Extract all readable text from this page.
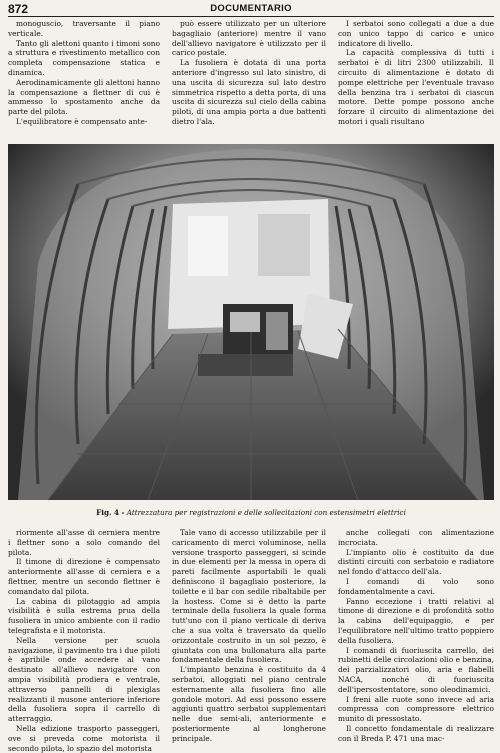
872	DOCUMENTARIO

monoguscio, traversante il piano verticale.

Tanto gli alettoni quanto i timoni sono a struttura e rivestimento metallico con completa compensazione statica e dinamica.

Aerodinamicamente gli alettoni hanno la compensazione a flettner di cui è ammesso lo spostamento anche da parte del pilota.

L'equilibratore è compensato ante-

può essere utilizzato per un ulteriore bagagliaio (anteriore) mentre il vano dell'allievo navigatore è utilizzato per il carico postale.

La fusoliera è dotata di una porta anteriore d'ingresso sul lato sinistro, di una uscita di sicurezza sul lato destro simmetrica rispetto a detta porta, di una uscita di sicurezza sul cielo della cabina piloti, di una ampia porta a due battenti dietro l'ala.

I serbatoi sono collegati a due a due con unico tappo di carico e unico indicatore di livello.

La capacità complessiva di tutti i serbatoi è di litri 2300 utilizzabili. Il circuito di alimentazione è dotato di pompe elettriche per l'eventuale travaso della benzina tra i serbatoi di ciascun motore. Dette pompe possono anche forzare il circuito di alimentazione dei motori i quali risultano

Fig. 4 - Attrezzatura per registrazioni e delle sollecitazioni con estensimetri elettrici

riormente all'asse di cerniera mentre i flettner sono a solo comando del pilota.

Il timone di direzione è compensato anteriormente all'asse di cerniera e a flettner, mentre un secondo flettner è comandato dal pilota.

La cabina di pilotaggio ad ampia visibilità è sulla estrema prua della fusoliera in unico ambiente con il radio telegrafista e il motorista.

Nella versione per scuola navigazione, il pavimento tra i due piloti è apribile onde accedere al vano destinato all'allievo navigatore con ampia visibilità prodiera e ventrale, attraverso pannelli di plexiglas realizzanti il musone anteriore inferiore della fusoliera sopra il carrello di atterraggio.

Nella edizione trasporto passeggeri, ove si preveda come motorista il secondo pilota, lo spazio del motorista

Tale vano di accesso utilizzabile per il caricamento di merci voluminose, nella versione trasporto passeggeri, si scinde in due elementi per la messa in opera di pareti facilmente asportabili le quali definiscono il bagagliaio posteriore, la toilette e il bar con sedile ribaltabile per la hostess. Come si è detto la parte terminale della fusoliera la quale forma tutt'uno con il piano verticale di deriva che a sua volta è traversato da quello orizzontale costruito in un sol pezzo, è giuntata con una bullonatura alla parte fondamentale della fusoliera.

L'impianto benzina è costituito da 4 serbatoi, alloggiati nel piano centrale esternamente alla fusoliera fino alle gondole motori. Ad essi possono essere aggiunti quattro serbatoi supplementari nelle due semi-ali, anteriormente e posteriormente al longherone principale.

anche collegati con alimentazione incrociata.

L'impianto olio è costituito da due distinti circuiti con serbatoio e radiatore nel fondo d'attacco dell'ala.

I comandi di volo sono fondamentalmente a cavi.

Fanno eccezione i tratti relativi al timone di direzione e di profondità sotto la cabina dell'equipaggio, e per l'equilibratore nell'ultimo tratto poppiero della fusoliera.

I comandi di fuoriuscita carrello, dei rubinetti delle circolazioni olio e benzina, dei parzializzatori olio, aria e flabelli NACA, nonché di fuoriuscita dell'ipersostentatore, sono oleodinamici.

I freni alle ruote sono invece ad aria compressa con compressore elettrico munito di pressostato.

Il concetto fondamentale di realizzare con il Breda P. 471 una mac-
